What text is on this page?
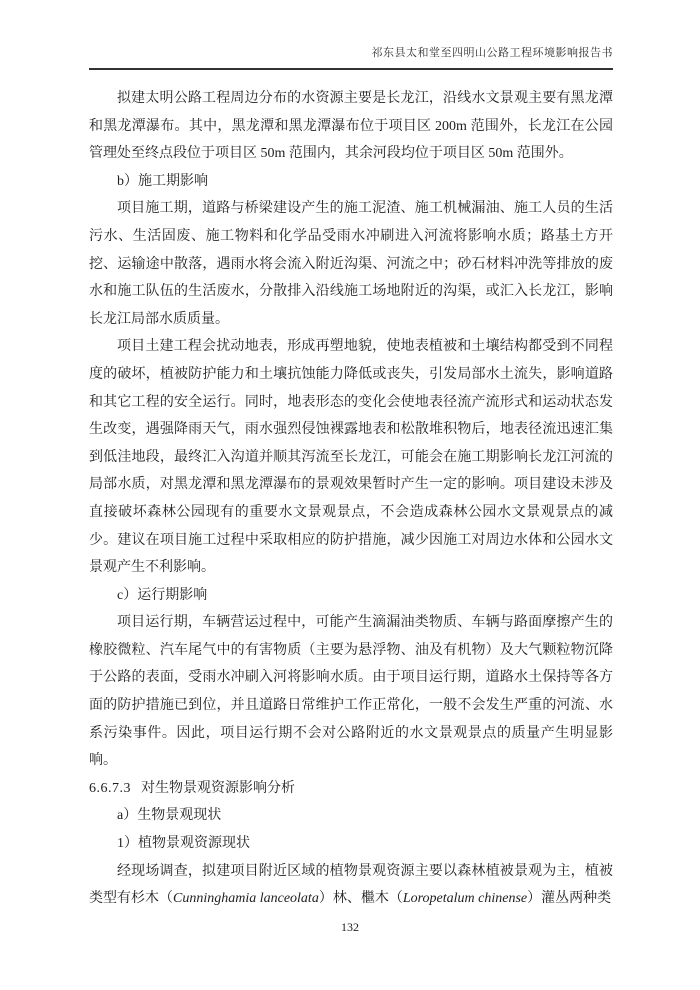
祁东县太和堂至四明山公路工程环境影响报告书

拟建太明公路工程周边分布的水资源主要是长龙江，沿线水文景观主要有黑龙潭和黑龙潭瀑布。其中，黑龙潭和黑龙潭瀑布位于项目区 200m 范围外，长龙江在公园管理处至终点段位于项目区 50m 范围内，其余河段均位于项目区 50m 范围外。

b）施工期影响

项目施工期，道路与桥梁建设产生的施工泥渣、施工机械漏油、施工人员的生活污水、生活固废、施工物料和化学品受雨水冲刷进入河流将影响水质；路基土方开挖、运输途中散落，遇雨水将会流入附近沟渠、河流之中；砂石材料冲洗等排放的废水和施工队伍的生活废水，分散排入沿线施工场地附近的沟渠，或汇入长龙江，影响长龙江局部水质质量。

项目土建工程会扰动地表，形成再塑地貌，使地表植被和土壤结构都受到不同程度的破坏，植被防护能力和土壤抗蚀能力降低或丧失，引发局部水土流失，影响道路和其它工程的安全运行。同时，地表形态的变化会使地表径流产流形式和运动状态发生改变，遇强降雨天气，雨水强烈侵蚀裸露地表和松散堆积物后，地表径流迅速汇集到低洼地段，最终汇入沟道并顺其泻流至长龙江，可能会在施工期影响长龙江河流的局部水质，对黑龙潭和黑龙潭瀑布的景观效果暂时产生一定的影响。项目建设未涉及直接破坏森林公园现有的重要水文景观景点，不会造成森林公园水文景观景点的减少。建议在项目施工过程中采取相应的防护措施，减少因施工对周边水体和公园水文景观产生不利影响。

c）运行期影响

项目运行期，车辆营运过程中，可能产生滴漏油类物质、车辆与路面摩擦产生的橡胶微粒、汽车尾气中的有害物质（主要为悬浮物、油及有机物）及大气颗粒物沉降于公路的表面，受雨水冲刷入河将影响水质。由于项目运行期，道路水土保持等各方面的防护措施已到位，并且道路日常维护工作正常化，一般不会发生严重的河流、水系污染事件。因此，项目运行期不会对公路附近的水文景观景点的质量产生明显影响。

6.6.7.3 对生物景观资源影响分析

a）生物景观现状

1）植物景观资源现状

经现场调查，拟建项目附近区域的植物景观资源主要以森林植被景观为主，植被类型有杉木（Cunninghamia lanceolata）林、檵木（Loropetalum chinense）灌丛两种类

132
